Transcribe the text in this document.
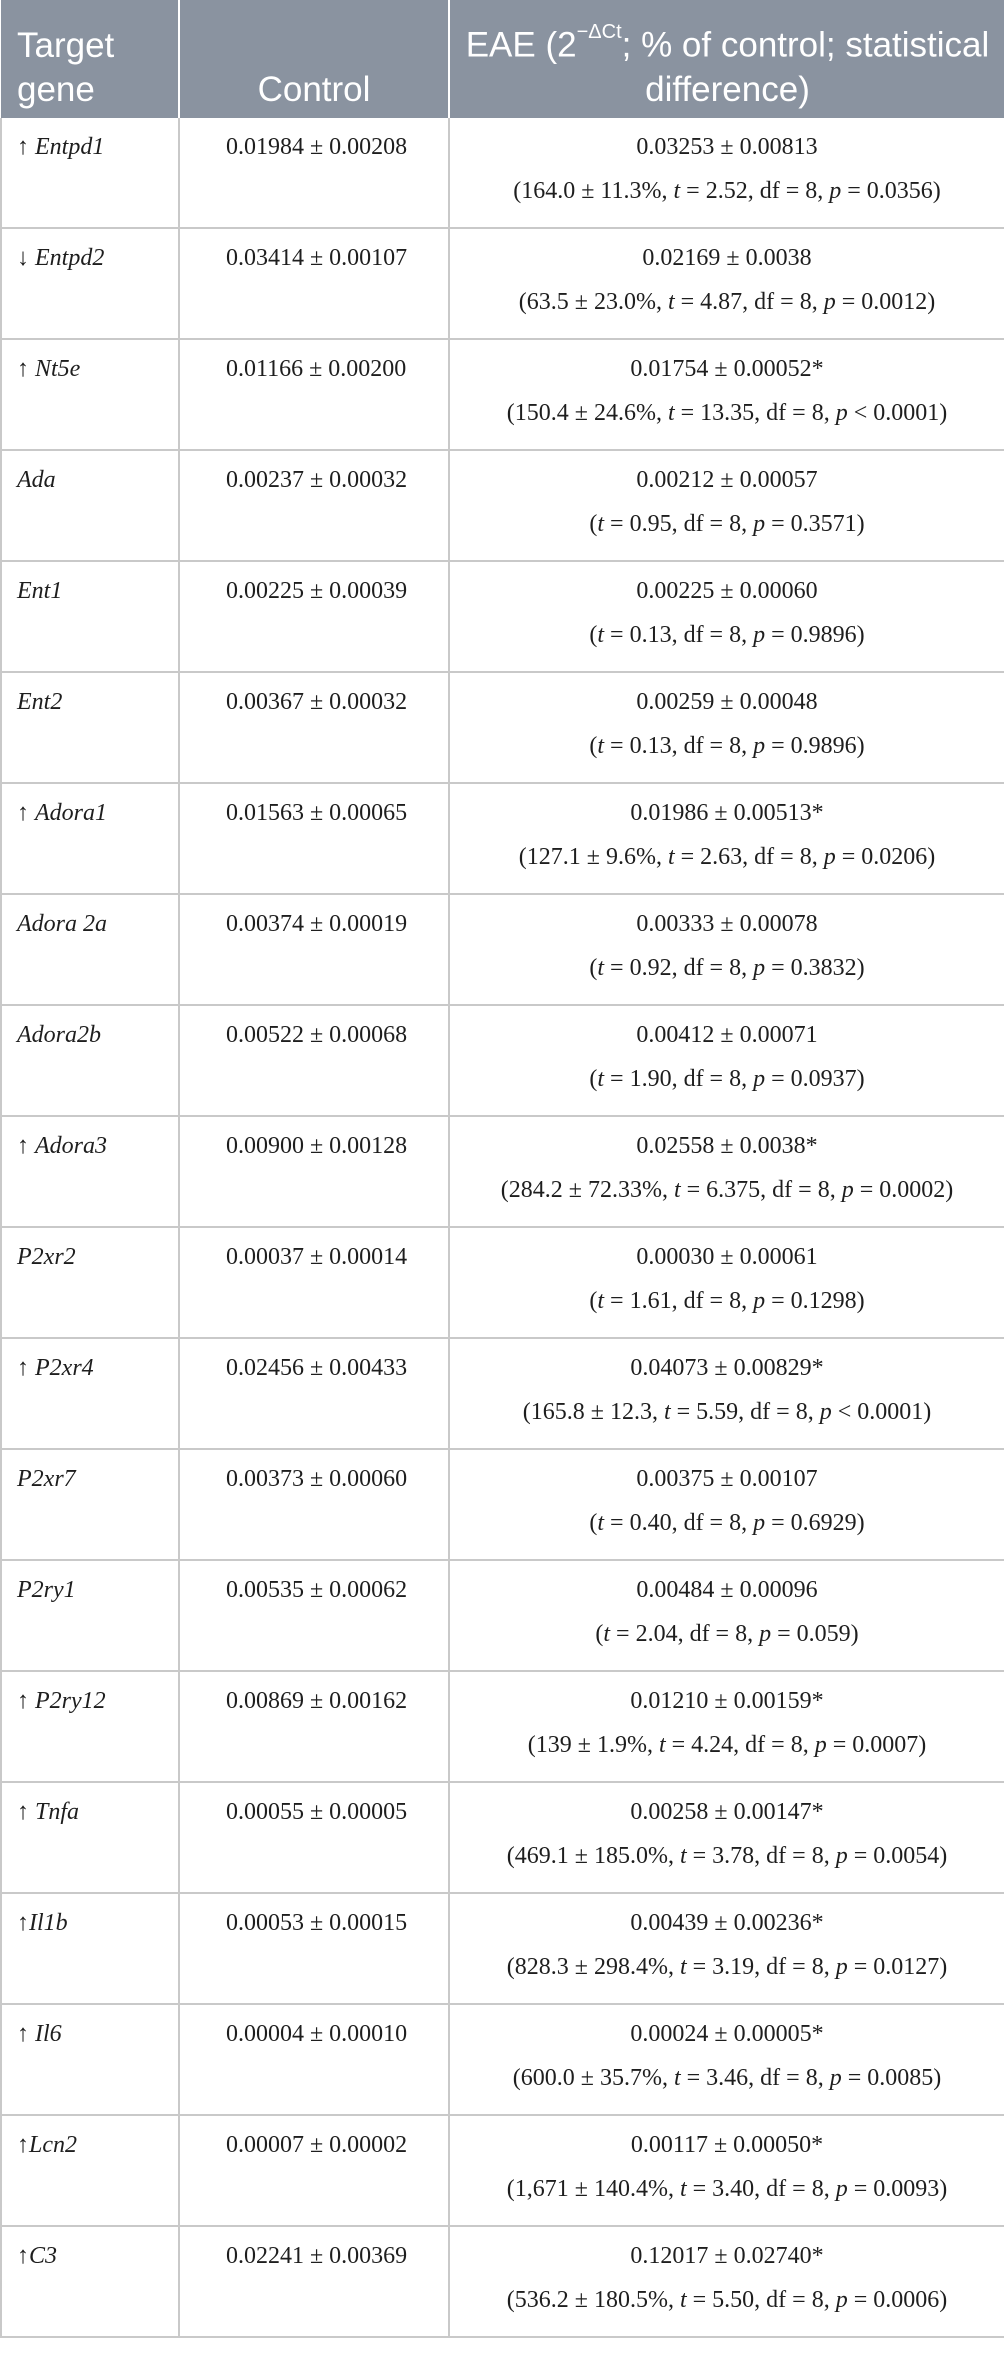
Target gene	Control	EAE ($2^{-\Delta Ct}$; % of control; statistical difference)

↑ Entpd1	0.01984 ± 0.00208	0.03253 ± 0.00813
(164.0 ± 11.3%, t = 2.52, df = 8, p = 0.0356)

↓ Entpd2	0.03414 ± 0.00107	0.02169 ± 0.0038
(63.5 ± 23.0%, t = 4.87, df = 8, p = 0.0012)

↑ Nt5e	0.01166 ± 0.00200	0.01754 ± 0.00052*
(150.4 ± 24.6%, t = 13.35, df = 8, p < 0.0001)

Ada	0.00237 ± 0.00032	0.00212 ± 0.00057
(t = 0.95, df = 8, p = 0.3571)

Ent1	0.00225 ± 0.00039	0.00225 ± 0.00060
(t = 0.13, df = 8, p = 0.9896)

Ent2	0.00367 ± 0.00032	0.00259 ± 0.00048
(t = 0.13, df = 8, p = 0.9896)

↑ Adora1	0.01563 ± 0.00065	0.01986 ± 0.00513*
(127.1 ± 9.6%, t = 2.63, df = 8, p = 0.0206)

Adora 2a	0.00374 ± 0.00019	0.00333 ± 0.00078
(t = 0.92, df = 8, p = 0.3832)

Adora2b	0.00522 ± 0.00068	0.00412 ± 0.00071
(t = 1.90, df = 8, p = 0.0937)

↑ Adora3	0.00900 ± 0.00128	0.02558 ± 0.0038*
(284.2 ± 72.33%, t = 6.375, df = 8, p = 0.0002)

P2xr2	0.00037 ± 0.00014	0.00030 ± 0.00061
(t = 1.61, df = 8, p = 0.1298)

↑ P2xr4	0.02456 ± 0.00433	0.04073 ± 0.00829*
(165.8 ± 12.3, t = 5.59, df = 8, p < 0.0001)

P2xr7	0.00373 ± 0.00060	0.00375 ± 0.00107
(t = 0.40, df = 8, p = 0.6929)

P2ry1	0.00535 ± 0.00062	0.00484 ± 0.00096
(t = 2.04, df = 8, p = 0.059)

↑ P2ry12	0.00869 ± 0.00162	0.01210 ± 0.00159*
(139 ± 1.9%, t = 4.24, df = 8, p = 0.0007)

↑ Tnfa	0.00055 ± 0.00005	0.00258 ± 0.00147*
(469.1 ± 185.0%, t = 3.78, df = 8, p = 0.0054)

↑Il1b	0.00053 ± 0.00015	0.00439 ± 0.00236*
(828.3 ± 298.4%, t = 3.19, df = 8, p = 0.0127)

↑ Il6	0.00004 ± 0.00010	0.00024 ± 0.00005*
(600.0 ± 35.7%, t = 3.46, df = 8, p = 0.0085)

↑Lcn2	0.00007 ± 0.00002	0.00117 ± 0.00050*
(1,671 ± 140.4%, t = 3.40, df = 8, p = 0.0093)

↑C3	0.02241 ± 0.00369	0.12017 ± 0.02740*
(536.2 ± 180.5%, t = 5.50, df = 8, p = 0.0006)
